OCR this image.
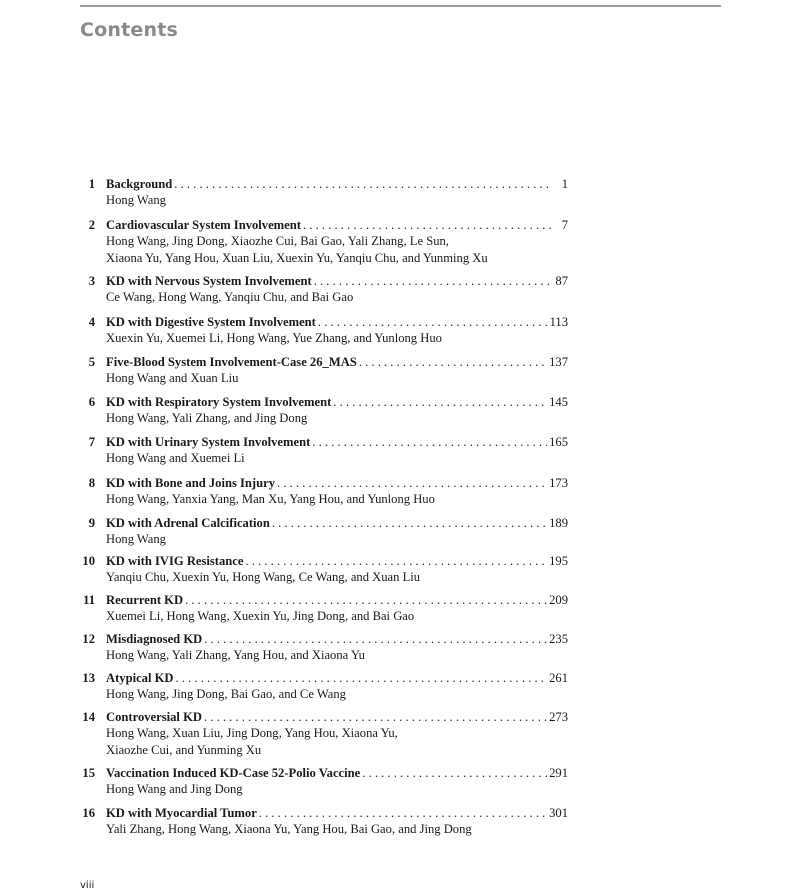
Contents
1 Background . . .	1
Hong Wang
2 Cardiovascular System Involvement . . .	7
Hong Wang, Jing Dong, Xiaozhe Cui, Bai Gao, Yali Zhang, Le Sun,
Xiaona Yu, Yang Hou, Xuan Liu, Xuexin Yu, Yanqiu Chu, and Yunming Xu
3 KD with Nervous System Involvement . . .	87
Ce Wang, Hong Wang, Yanqiu Chu, and Bai Gao
4 KD with Digestive System Involvement . . .	113
Xuexin Yu, Xuemei Li, Hong Wang, Yue Zhang, and Yunlong Huo
5 Five-Blood System Involvement-Case 26_MAS . . .	137
Hong Wang and Xuan Liu
6 KD with Respiratory System Involvement . . .	145
Hong Wang, Yali Zhang, and Jing Dong
7 KD with Urinary System Involvement . . .	165
Hong Wang and Xuemei Li
8 KD with Bone and Joins Injury . . .	173
Hong Wang, Yanxia Yang, Man Xu, Yang Hou, and Yunlong Huo
9 KD with Adrenal Calcification . . .	189
Hong Wang
10 KD with IVIG Resistance . . .	195
Yanqiu Chu, Xuexin Yu, Hong Wang, Ce Wang, and Xuan Liu
11 Recurrent KD . . .	209
Xuemei Li, Hong Wang, Xuexin Yu, Jing Dong, and Bai Gao
12 Misdiagnosed KD . . .	235
Hong Wang, Yali Zhang, Yang Hou, and Xiaona Yu
13 Atypical KD . . .	261
Hong Wang, Jing Dong, Bai Gao, and Ce Wang
14 Controversial KD . . .	273
Hong Wang, Xuan Liu, Jing Dong, Yang Hou, Xiaona Yu,
Xiaozhe Cui, and Yunming Xu
15 Vaccination Induced KD-Case 52-Polio Vaccine . . .	291
Hong Wang and Jing Dong
16 KD with Myocardial Tumor . . .	301
Yali Zhang, Hong Wang, Xiaona Yu, Yang Hou, Bai Gao, and Jing Dong
viii
